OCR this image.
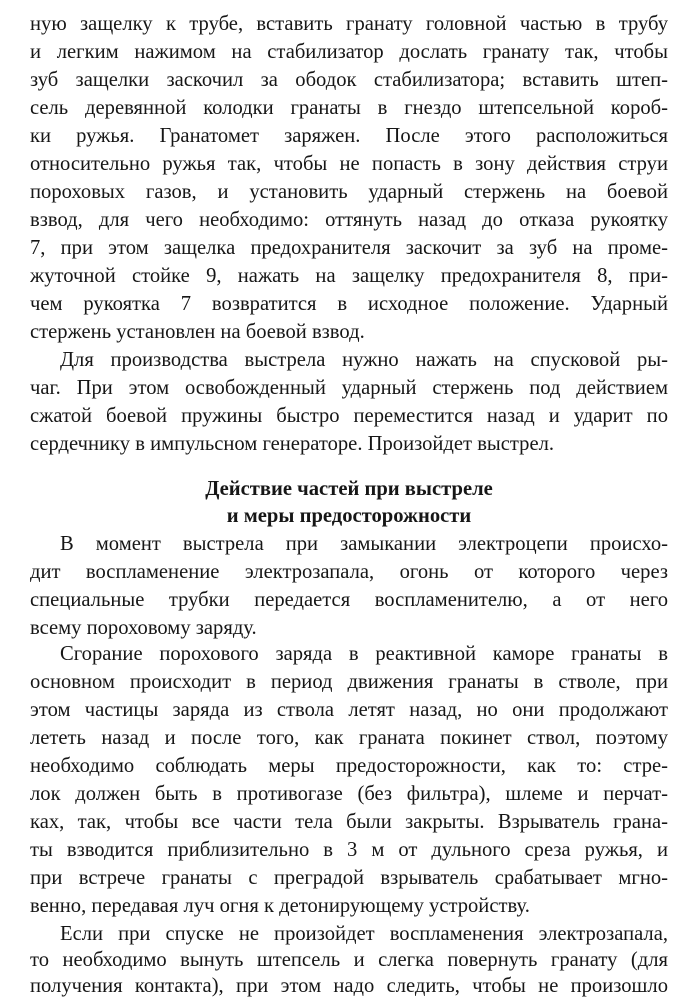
ную защелку к трубе, вставить гранату головной частью в трубу
и легким нажимом на стабилизатор дослать гранату так, чтобы
зуб защелки заскочил за ободок стабилизатора; вставить штеп-
сель деревянной колодки гранаты в гнездо штепсельной короб-
ки ружья. Гранатомет заряжен. После этого расположиться
относительно ружья так, чтобы не попасть в зону действия струи
пороховых газов, и установить ударный стержень на боевой
взвод, для чего необходимо: оттянуть назад до отказа рукоятку
7, при этом защелка предохранителя заскочит за зуб на проме-
жуточной стойке 9, нажать на защелку предохранителя 8, при-
чем рукоятка 7 возвратится в исходное положение. Ударный
стержень установлен на боевой взвод.
Для производства выстрела нужно нажать на спусковой ры-
чаг. При этом освобожденный ударный стержень под действием
сжатой боевой пружины быстро переместится назад и ударит по
сердечнику в импульсном генераторе. Произойдет выстрел.
Действие частей при выстреле
и меры предосторожности
В момент выстрела при замыкании электроцепи происхо-
дит воспламенение электрозапала, огонь от которого через
специальные трубки передается воспламенителю, а от него
всему пороховому заряду.
Сгорание порохового заряда в реактивной каморе гранаты в
основном происходит в период движения гранаты в стволе, при
этом частицы заряда из ствола летят назад, но они продолжают
лететь назад и после того, как граната покинет ствол, поэтому
необходимо соблюдать меры предосторожности, как то: стре-
лок должен быть в противогазе (без фильтра), шлеме и перчат-
ках, так, чтобы все части тела были закрыты. Взрыватель грана-
ты взводится приблизительно в 3 м от дульного среза ружья, и
при встрече гранаты с преградой взрыватель срабатывает мгно-
венно, передавая луч огня к детонирующему устройству.
Если при спуске не произойдет воспламенения электрозапала,
то необходимо вынуть штепсель и слегка повернуть гранату (для
получения контакта), при этом надо следить, чтобы не произошло
